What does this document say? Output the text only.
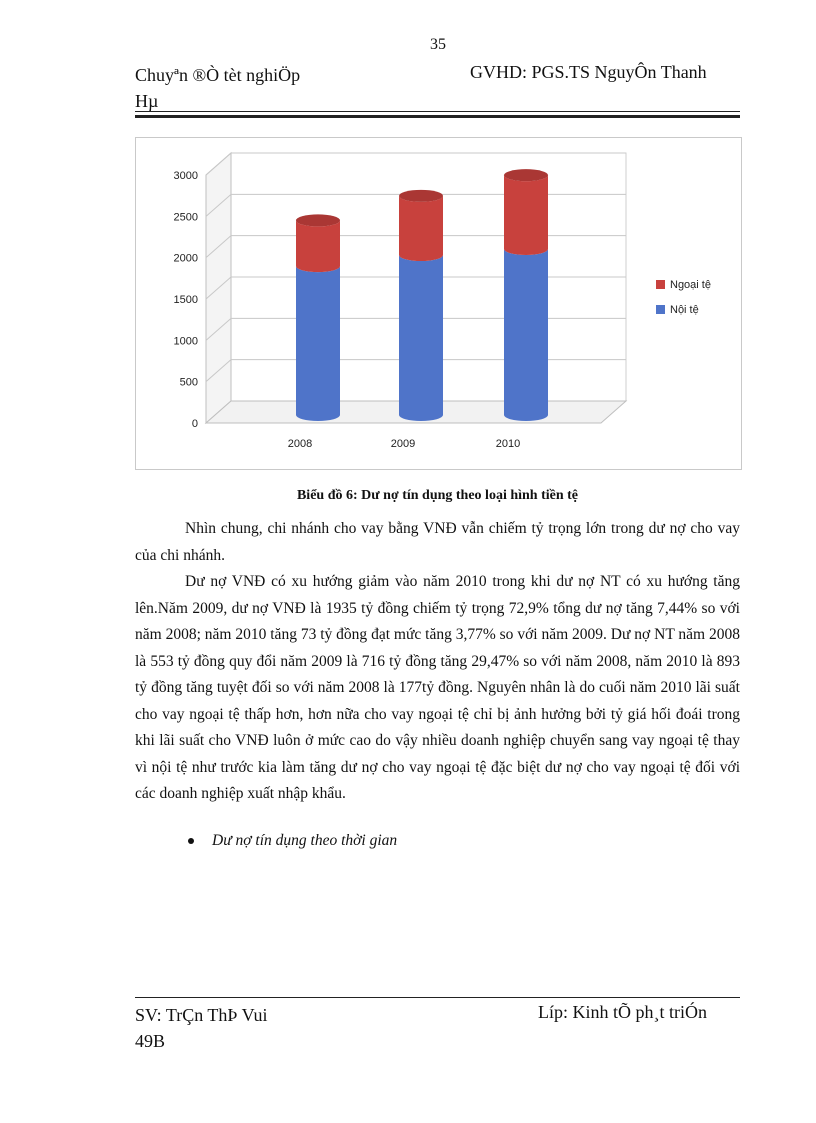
35
Chuyªn ®Ò tèt nghiÖp
Hµ
GVHD: PGS.TS NguyÔn Thanh
0
500
1000
1500
2000
2500
3000
2008	2009	2010
Ngoại tệ
Nội tệ
Biểu đồ 6: Dư nợ tín dụng theo loại hình tiền tệ

Nhìn chung, chi nhánh cho vay bằng VNĐ vẫn chiếm tỷ trọng lớn trong dư nợ cho vay của chi nhánh.

Dư nợ VNĐ có xu hướng giảm vào năm 2010 trong khi dư nợ NT có xu hướng tăng lên.Năm 2009, dư nợ VNĐ là 1935 tỷ đồng chiếm tỷ trọng 72,9% tổng dư nợ tăng 7,44% so với năm 2008; năm 2010 tăng 73 tỷ đồng đạt mức tăng 3,77% so với năm 2009. Dư nợ NT năm 2008 là 553 tỷ đồng quy đổi năm 2009 là 716 tỷ đồng tăng 29,47% so với năm 2008, năm 2010 là 893 tỷ đồng tăng tuyệt đối so với năm 2008 là 177tỷ đồng. Nguyên nhân là do cuối năm 2010 lãi suất cho vay ngoại tệ thấp hơn, hơn nữa cho vay ngoại tệ chỉ bị ảnh hưởng bởi tỷ giá hối đoái trong khi lãi suất cho VNĐ luôn ở mức cao do vậy nhiều doanh nghiệp chuyển sang vay ngoại tệ thay vì nội tệ như trước kia làm tăng dư nợ cho vay ngoại tệ đặc biệt dư nợ cho vay ngoại tệ đối với các doanh nghiệp xuất nhập khẩu.

Dư nợ tín dụng theo thời gian
SV: TrÇn ThÞ Vui
49B
Líp: Kinh tÕ ph¸t triÓn
